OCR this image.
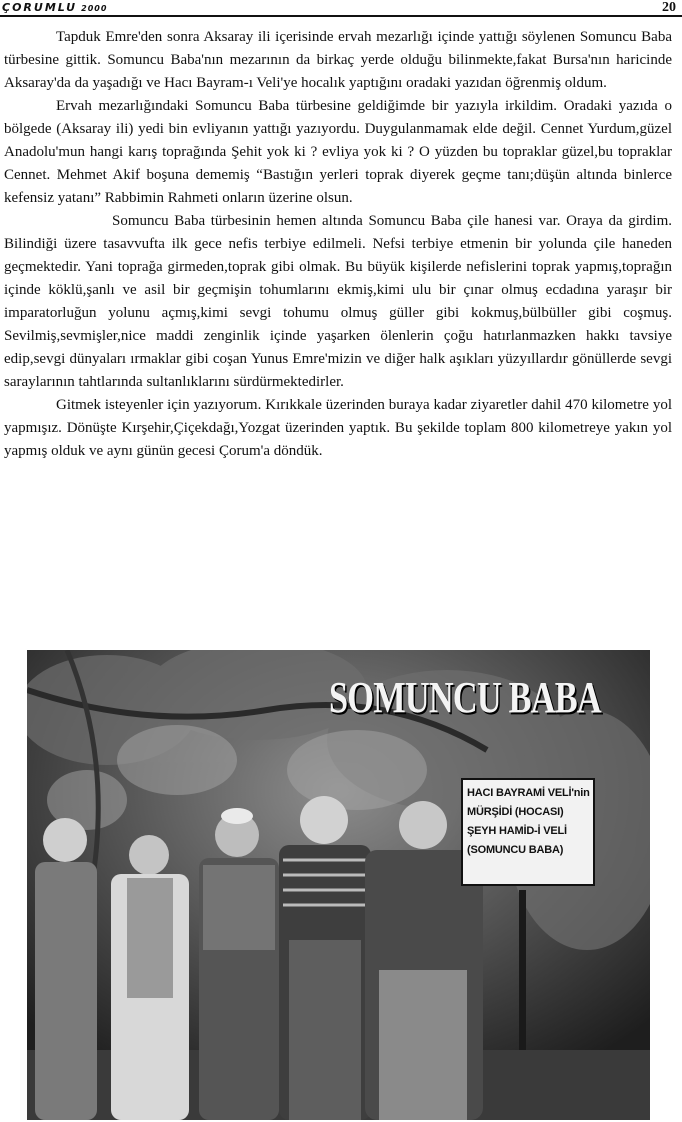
ÇORUMLU 2000	20

Tapduk Emre'den sonra Aksaray ili içerisinde ervah mezarlığı içinde yattığı söylenen Somuncu Baba türbesine gittik. Somuncu Baba'nın mezarının da birkaç yerde olduğu bilinmekte,fakat Bursa'nın haricinde Aksaray'da da yaşadığı ve Hacı Bayram-ı Veli'ye hocalık yaptığını oradaki yazıdan öğrenmiş oldum.

Ervah mezarlığındaki Somuncu Baba türbesine geldiğimde bir yazıyla irkildim. Oradaki yazıda o bölgede (Aksaray ili) yedi bin evliyanın yattığı yazıyordu. Duygulanmamak elde değil. Cennet Yurdum,güzel Anadolu'mun hangi karış toprağında Şehit yok ki ? evliya yok ki ? O yüzden bu topraklar güzel,bu topraklar Cennet. Mehmet Akif boşuna dememiş “Bastığın yerleri toprak diyerek geçme tanı;düşün altında binlerce kefensiz yatanı” Rabbimin Rahmeti onların üzerine olsun.

Somuncu Baba türbesinin hemen altında Somuncu Baba çile hanesi var. Oraya da girdim. Bilindiği üzere tasavvufta ilk gece nefis terbiye edilmeli. Nefsi terbiye etmenin bir yolunda çile haneden geçmektedir. Yani toprağa girmeden,toprak gibi olmak. Bu büyük kişilerde nefislerini toprak yapmış,toprağın içinde köklü,şanlı ve asil bir geçmişin tohumlarını ekmiş,kimi ulu bir çınar olmuş ecdadına yaraşır bir imparatorluğun yolunu açmış,kimi sevgi tohumu olmuş güller gibi kokmuş,bülbüller gibi coşmuş. Sevilmiş,sevmişler,nice maddi zenginlik içinde yaşarken ölenlerin çoğu hatırlanmazken hakkı tavsiye edip,sevgi dünyaları ırmaklar gibi coşan Yunus Emre'mizin ve diğer halk aşıkları yüzyıllardır gönüllerde sevgi saraylarının tahtlarında sultanlıklarını sürdürmektedirler.

Gitmek isteyenler için yazıyorum. Kırıkkale üzerinden buraya kadar ziyaretler dahil 470 kilometre yol yapmışız. Dönüşte Kırşehir,Çiçekdağı,Yozgat üzerinden yaptık. Bu şekilde toplam 800 kilometreye yakın yol yapmış olduk ve aynı günün gecesi Çorum'a döndük.

SOMUNCU BABA
HACI BAYRAMİ VELİ'nin
MÜRŞİDİ (HOCASI)
ŞEYH HAMİD-İ VELİ
(SOMUNCU BABA)
